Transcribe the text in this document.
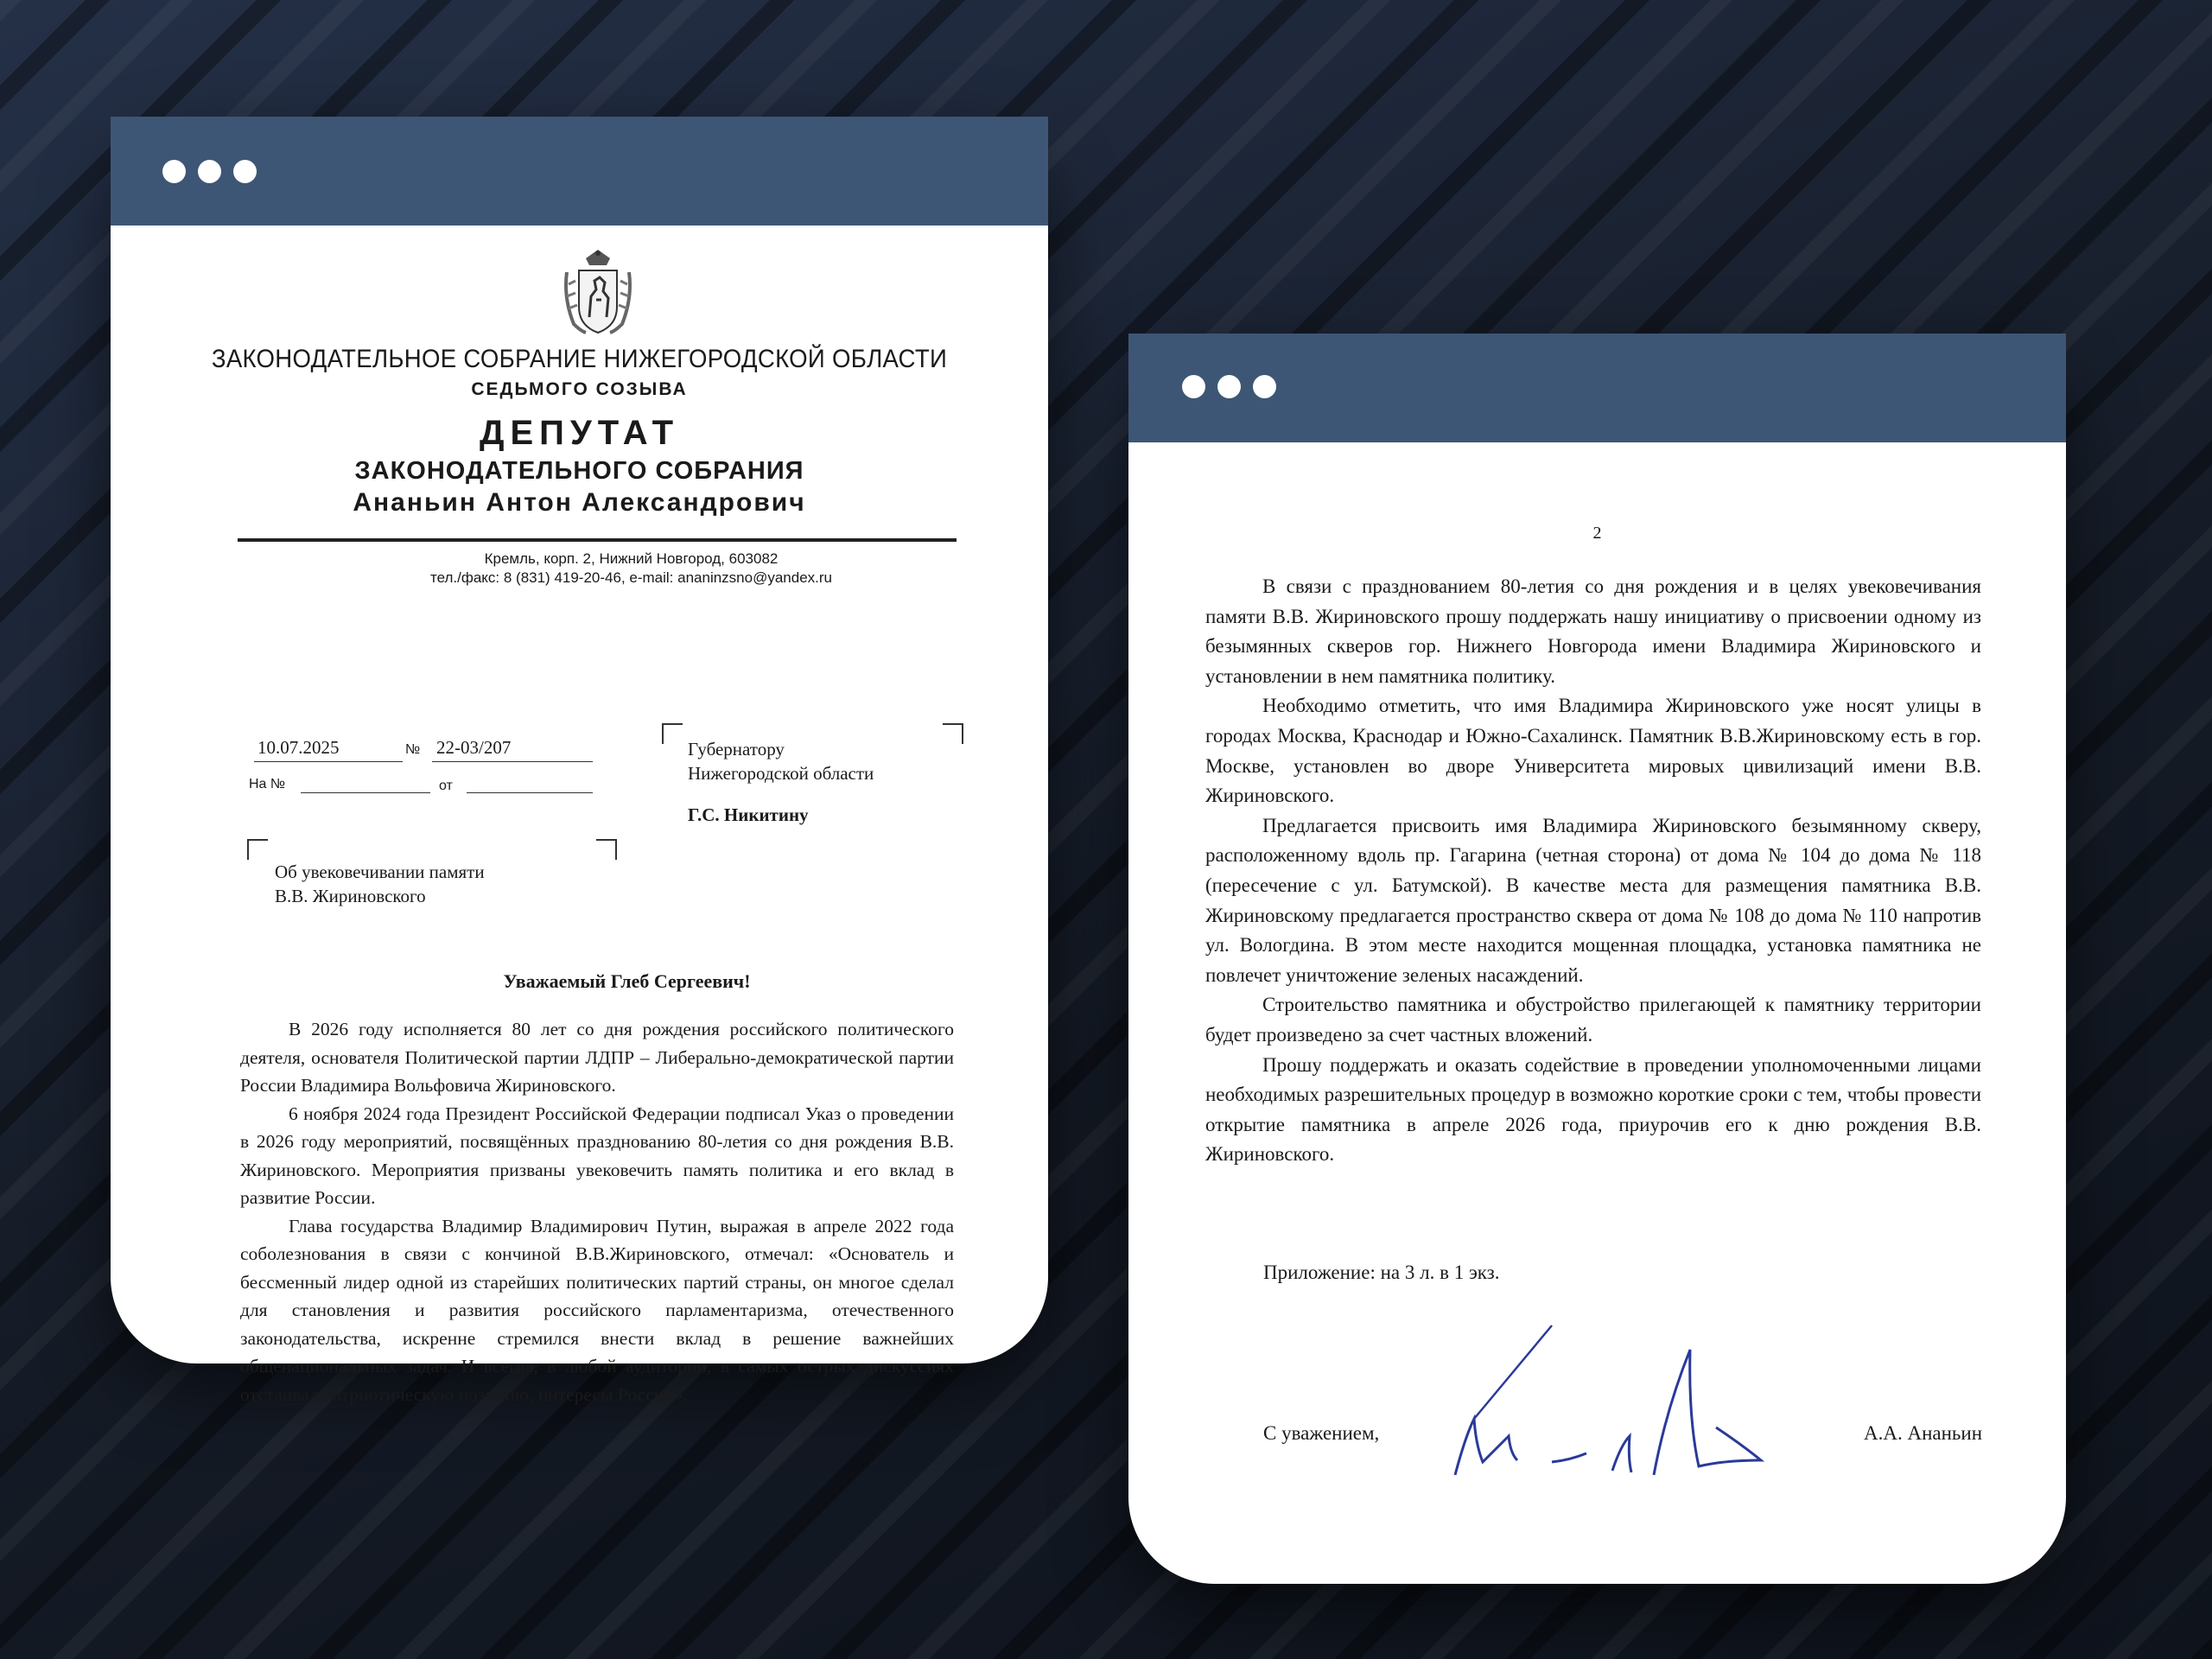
ЗАКОНОДАТЕЛЬНОЕ СОБРАНИЕ НИЖЕГОРОДСКОЙ ОБЛАСТИ
СЕДЬМОГО СОЗЫВА
ДЕПУТАТ
ЗАКОНОДАТЕЛЬНОГО СОБРАНИЯ
Ананьин Антон Александрович
Кремль, корп. 2, Нижний Новгород, 603082
тел./факс: 8 (831) 419-20-46, e-mail: ananinzsno@yandex.ru
10.07.2025	№ 22-03/207
На №	от
Губернатору
Нижегородской области
Г.С. Никитину
Об увековечивании памяти
В.В. Жириновского
Уважаемый Глеб Сергеевич!

В 2026 году исполняется 80 лет со дня рождения российского политического деятеля, основателя Политической партии ЛДПР – Либерально-демократической партии России Владимира Вольфовича Жириновского.

6 ноября 2024 года Президент Российской Федерации подписал Указ о проведении в 2026 году мероприятий, посвящённых празднованию 80-летия со дня рождения В.В. Жириновского. Мероприятия призваны увековечить память политика и его вклад в развитие России.

Глава государства Владимир Владимирович Путин, выражая в апреле 2022 года соболезнования в связи с кончиной В.В.Жириновского, отмечал: «Основатель и бессменный лидер одной из старейших политических партий страны, он многое сделал для становления и развития российского парламентаризма, отечественного законодательства, искренне стремился внести вклад в решение важнейших общенациональных задач. И всегда, в любой аудитории, в самых острых дискуссиях отстаивал патриотическую позицию, интересы России».

2

В связи с празднованием 80-летия со дня рождения и в целях увековечивания памяти В.В. Жириновского прошу поддержать нашу инициативу о присвоении одному из безымянных скверов гор. Нижнего Новгорода имени Владимира Жириновского и установлении в нем памятника политику.

Необходимо отметить, что имя Владимира Жириновского уже носят улицы в городах Москва, Краснодар и Южно-Сахалинск. Памятник В.В.Жириновскому есть в гор. Москве, установлен во дворе Университета мировых цивилизаций имени В.В. Жириновского.

Предлагается присвоить имя Владимира Жириновского безымянному скверу, расположенному вдоль пр. Гагарина (четная сторона) от дома № 104 до дома № 118 (пересечение с ул. Батумской). В качестве места для размещения памятника В.В. Жириновскому предлагается пространство сквера от дома № 108 до дома № 110 напротив ул. Вологдина. В этом месте находится мощенная площадка, установка памятника не повлечет уничтожение зеленых насаждений.

Строительство памятника и обустройство прилегающей к памятнику территории будет произведено за счет частных вложений.

Прошу поддержать и оказать содействие в проведении уполномоченными лицами необходимых разрешительных процедур в возможно короткие сроки с тем, чтобы провести открытие памятника в апреле 2026 года, приурочив его к дню рождения В.В. Жириновского.

Приложение: на 3 л. в 1 экз.
С уважением,	А.А. Ананьин
